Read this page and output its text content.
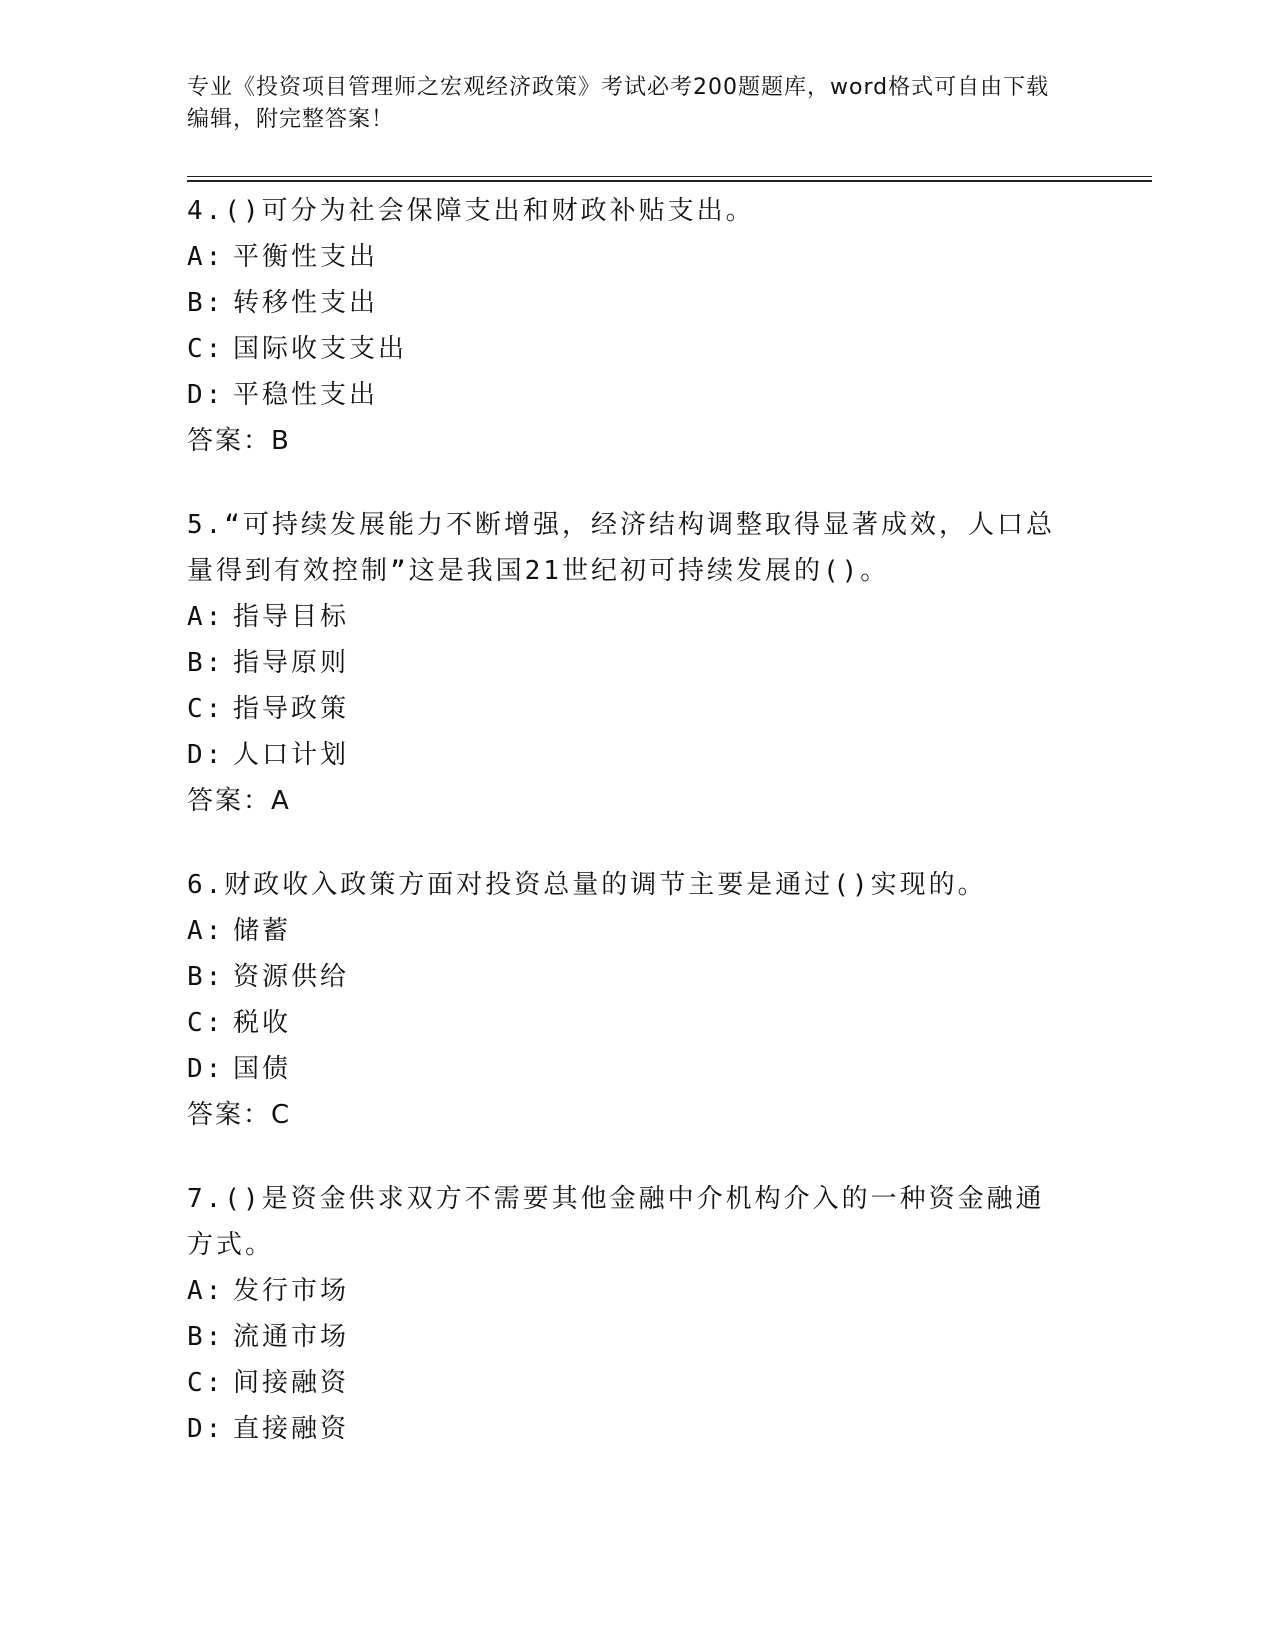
专业《投资项目管理师之宏观经济政策》考试必考200题题库，word格式可自由下载编辑，附完整答案！
4.()可分为社会保障支出和财政补贴支出。
A: 平衡性支出
B: 转移性支出
C: 国际收支支出
D: 平稳性支出
答案：B
5.“可持续发展能力不断增强，经济结构调整取得显著成效，人口总量得到有效控制”这是我国21世纪初可持续发展的()。
A: 指导目标
B: 指导原则
C: 指导政策
D: 人口计划
答案：A
6.财政收入政策方面对投资总量的调节主要是通过()实现的。
A: 储蓄
B: 资源供给
C: 税收
D: 国债
答案：C
7.()是资金供求双方不需要其他金融中介机构介入的一种资金融通方式。
A: 发行市场
B: 流通市场
C: 间接融资
D: 直接融资
